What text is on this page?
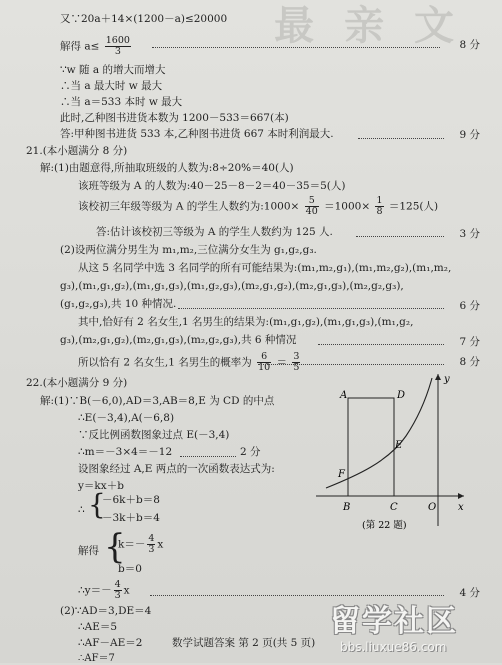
最 亲 文
又∵20a＋14×(1200－a)≤20000
解得 $a\le \frac{1600}{3}$	8 分
∵w 随 a 的增大而增大
∴当 a 最大时 w 最大
∴当 a＝533 本时 w 最大
此时,乙种图书进货本数为 1200－533＝667(本)
答:甲种图书进货 533 本,乙种图书进货 667 本时利润最大.	9 分
21.(本小题满分 8 分)
解:(1)由题意得,所抽取班级的人数为:8÷20%＝40(人)
该班等级为 A 的人数为:40－25－8－2＝40－35＝5(人)
该校初三年级等级为 A 的学生人数约为:1000× $\frac{5}{40} =1000\times \frac{1}{8} =125$(人)
答:估计该校初三等级为 A 的学生人数约为 125 人.	3 分
(2)设两位满分男生为 m₁,m₂,三位满分女生为 g₁,g₂,g₃.
从这 5 名同学中选 3 名同学的所有可能结果为:(m₁,m₂,g₁),(m₁,m₂,g₂),(m₁,m₂,
g₃),(m₁,g₁,g₂),(m₁,g₁,g₃),(m₁,g₂,g₃),(m₂,g₁,g₂),(m₂,g₁,g₃),(m₂,g₂,g₃),
(g₁,g₂,g₃),共 10 种情况.	6 分
其中,恰好有 2 名女生,1 名男生的结果为:(m₁,g₁,g₂),(m₁,g₁,g₃),(m₁,g₂,
g₃),(m₂,g₁,g₂),(m₂,g₁,g₃),(m₂,g₂,g₃),共 6 种情况	7 分
所以恰有 2 名女生,1 名男生的概率为 $\frac{6}{10} = \frac{3}{5}$	8 分
22.(本小题满分 9 分)
解:(1)∵B(－6,0),AD＝3,AB＝8,E 为 CD 的中点
∴E(－3,4),A(－6,8)
∵反比例函数图象过点 E(－3,4)
∴m＝－3×4＝－12	2 分
设图象经过 A,E 两点的一次函数表达式为:
y＝kx＋b
∴ {
－6k＋b＝8
－3k＋b＝4
解得 {
$k=- \frac{4}{3}$ x
b＝0
∴y＝－ $\frac{4}{3}$ x	4 分
(2)∵AD＝3,DE＝4
∴AE＝5
∴AF－AE＝2
∴AF＝7
A	D
E
F
B	C	O x
y
(第 22 题)
数学试题答案 第 2 页(共 5 页)
留学社区
bbs.liuxue86.com
